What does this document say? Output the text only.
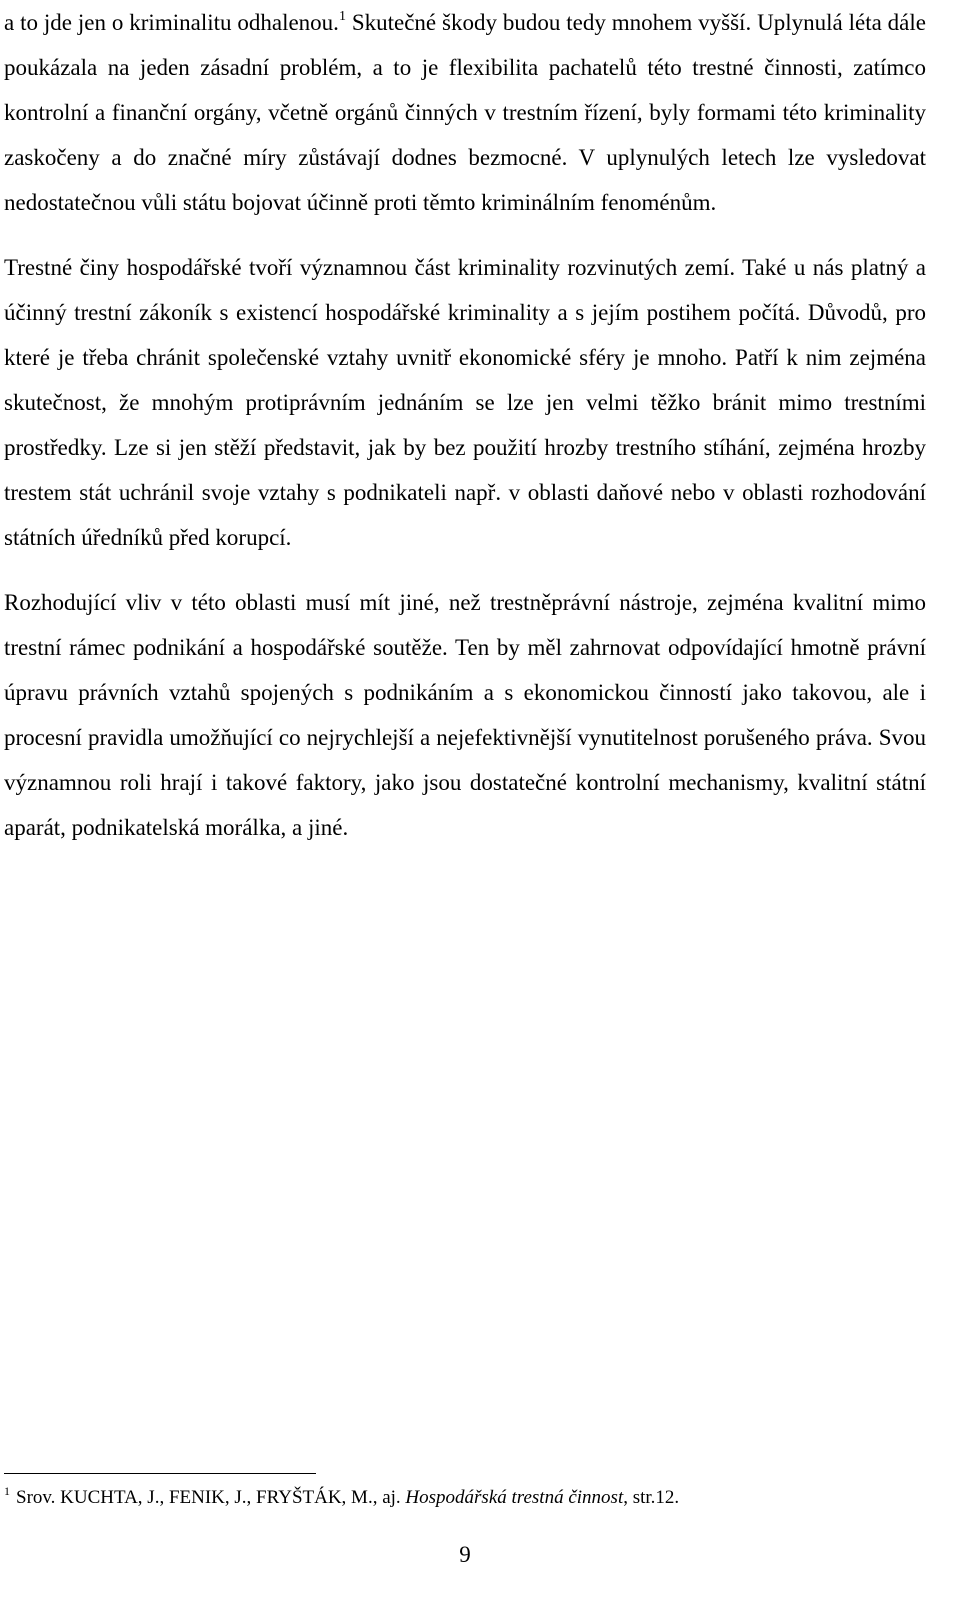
a to jde jen o kriminalitu odhalenou.$^1$ Skutečné škody budou tedy mnohem vyšší. Uplynulá léta dále poukázala na jeden zásadní problém, a to je flexibilita pachatelů této trestné činnosti, zatímco kontrolní a finanční orgány, včetně orgánů činných v trestním řízení, byly formami této kriminality zaskočeny a do značné míry zůstávají dodnes bezmocné. V uplynulých letech lze vysledovat nedostatečnou vůli státu bojovat účinně proti těmto kriminálním fenoménům.

Trestné činy hospodářské tvoří významnou část kriminality rozvinutých zemí. Také u nás platný a účinný trestní zákoník s existencí hospodářské kriminality a s jejím postihem počítá. Důvodů, pro které je třeba chránit společenské vztahy uvnitř ekonomické sféry je mnoho. Patří k nim zejména skutečnost, že mnohým protiprávním jednáním se lze jen velmi těžko bránit mimo trestními prostředky. Lze si jen stěží představit, jak by bez použití hrozby trestního stíhání, zejména hrozby trestem stát uchránil svoje vztahy s podnikateli např. v oblasti daňové nebo v oblasti rozhodování státních úředníků před korupcí.

Rozhodující vliv v této oblasti musí mít jiné, než trestněprávní nástroje, zejména kvalitní mimo trestní rámec podnikání a hospodářské soutěže. Ten by měl zahrnovat odpovídající hmotně právní úpravu právních vztahů spojených s podnikáním a s ekonomickou činností jako takovou, ale i procesní pravidla umožňující co nejrychlejší a nejefektivnější vynutitelnost porušeného práva. Svou významnou roli hrají i takové faktory, jako jsou dostatečné kontrolní mechanismy, kvalitní státní aparát, podnikatelská morálka, a jiné.

$^1$ Srov. KUCHTA, J., FENIK, J., FRYŠTÁK, M., aj. Hospodářská trestná činnost, str.12.
9
